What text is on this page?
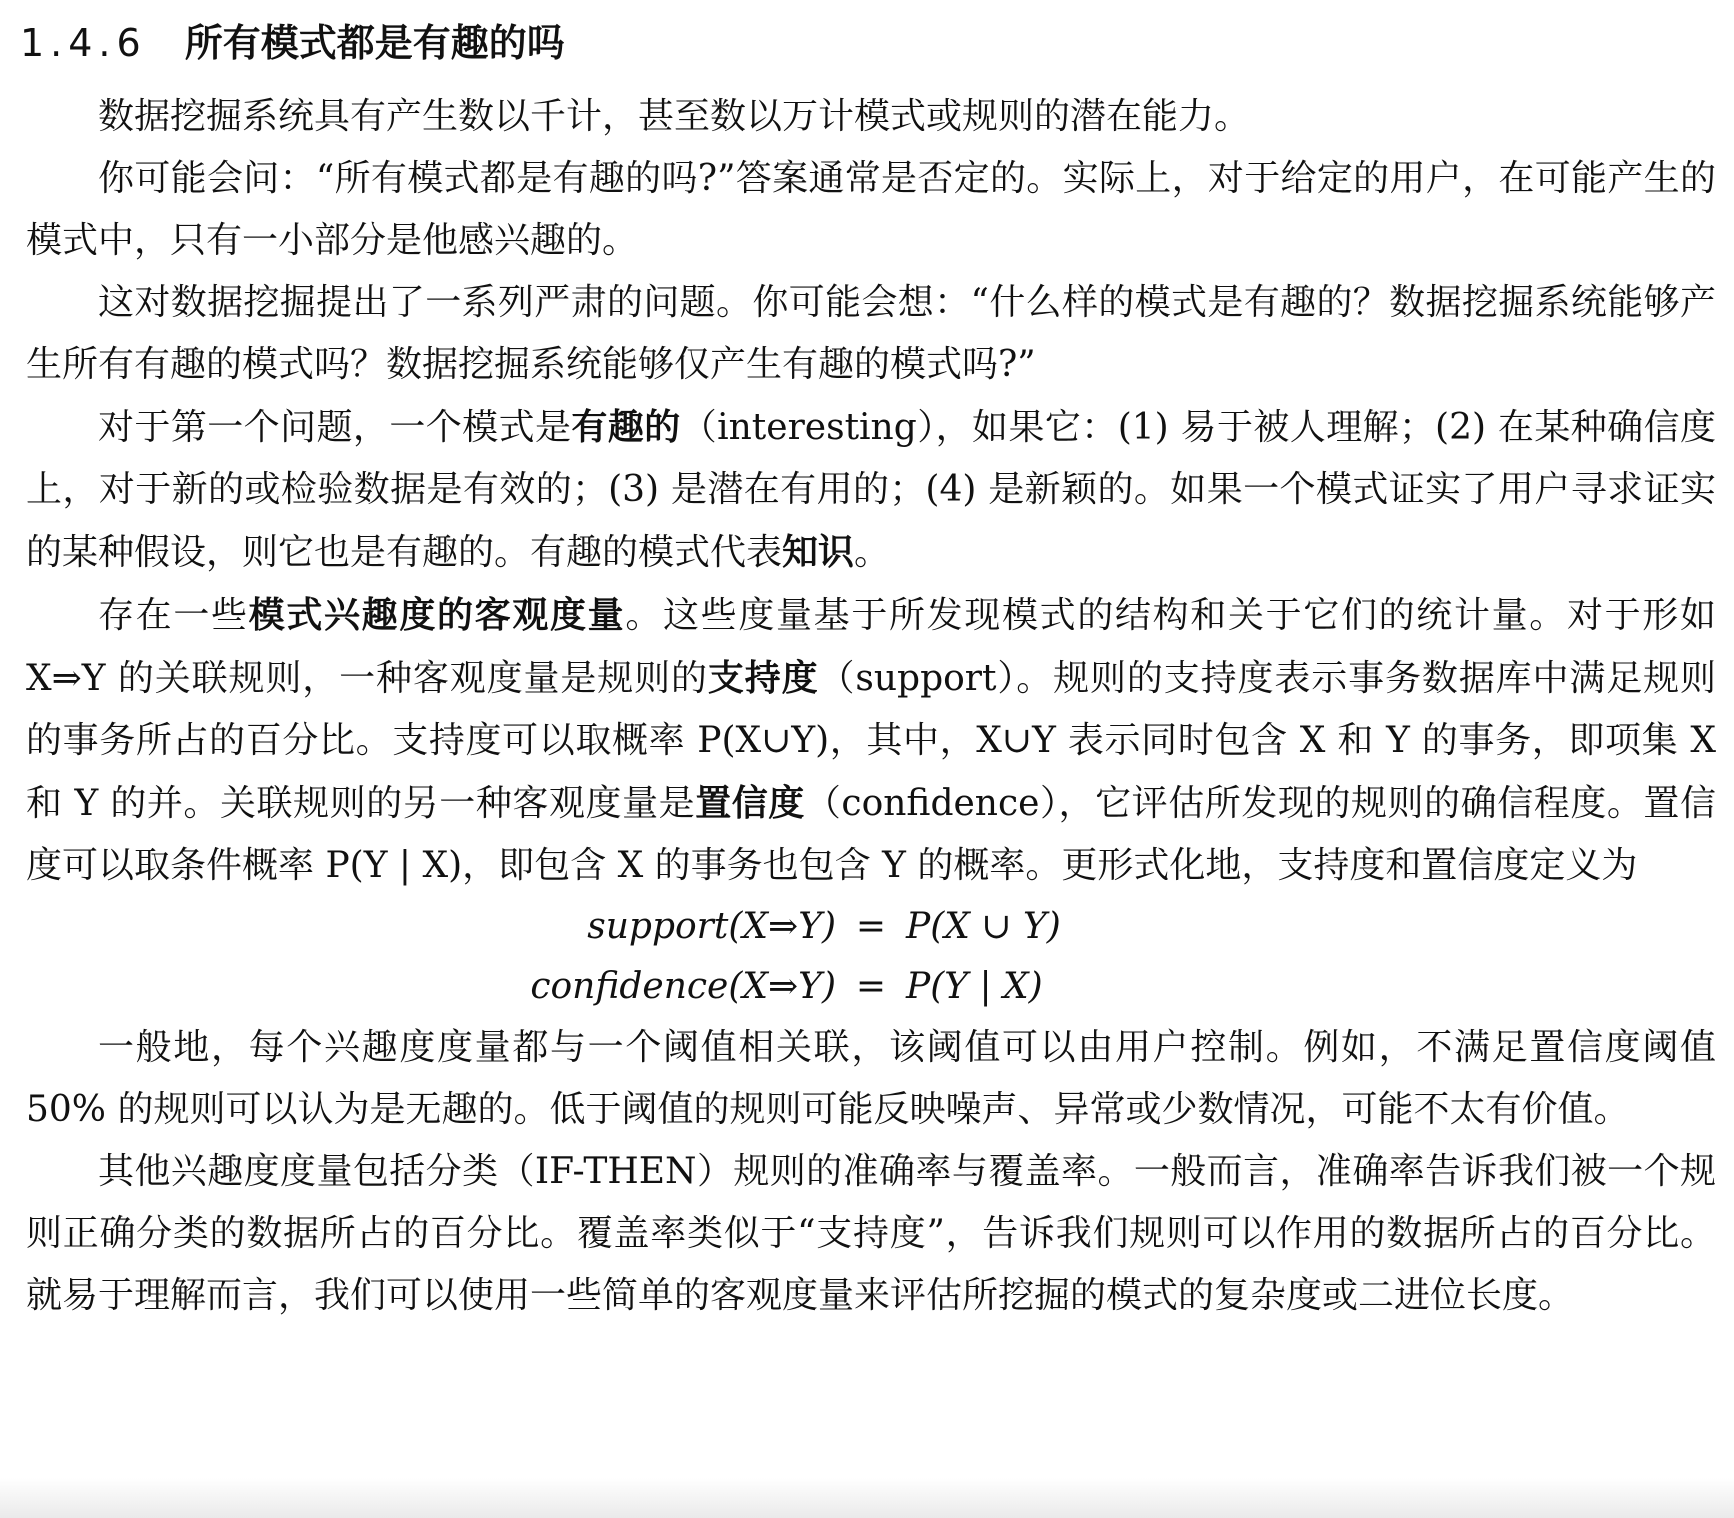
1.4.6 所有模式都是有趣的吗

数据挖掘系统具有产生数以千计，甚至数以万计模式或规则的潜在能力。

你可能会问：“所有模式都是有趣的吗?”答案通常是否定的。实际上，对于给定的用户，在可能产生的模式中，只有一小部分是他感兴趣的。

这对数据挖掘提出了一系列严肃的问题。你可能会想：“什么样的模式是有趣的？数据挖掘系统能够产生所有有趣的模式吗？数据挖掘系统能够仅产生有趣的模式吗?”

对于第一个问题，一个模式是有趣的（interesting），如果它：(1) 易于被人理解；(2) 在某种确信度上，对于新的或检验数据是有效的；(3) 是潜在有用的；(4) 是新颖的。如果一个模式证实了用户寻求证实的某种假设，则它也是有趣的。有趣的模式代表知识。

存在一些模式兴趣度的客观度量。这些度量基于所发现模式的结构和关于它们的统计量。对于形如 X⇒Y 的关联规则，一种客观度量是规则的支持度（support）。规则的支持度表示事务数据库中满足规则的事务所占的百分比。支持度可以取概率 P(X∪Y)，其中，X∪Y 表示同时包含 X 和 Y 的事务，即项集 X 和 Y 的并。关联规则的另一种客观度量是置信度（confidence），它评估所发现的规则的确信程度。置信度可以取条件概率 P(Y | X)，即包含 X 的事务也包含 Y 的概率。更形式化地，支持度和置信度定义为

support(X⇒Y) = P(X ∪ Y)
confidence(X⇒Y) = P(Y | X)

一般地，每个兴趣度度量都与一个阈值相关联，该阈值可以由用户控制。例如，不满足置信度阈值 50% 的规则可以认为是无趣的。低于阈值的规则可能反映噪声、异常或少数情况，可能不太有价值。

其他兴趣度度量包括分类（IF-THEN）规则的准确率与覆盖率。一般而言，准确率告诉我们被一个规则正确分类的数据所占的百分比。覆盖率类似于“支持度”，告诉我们规则可以作用的数据所占的百分比。就易于理解而言，我们可以使用一些简单的客观度量来评估所挖掘的模式的复杂度或二进位长度。
